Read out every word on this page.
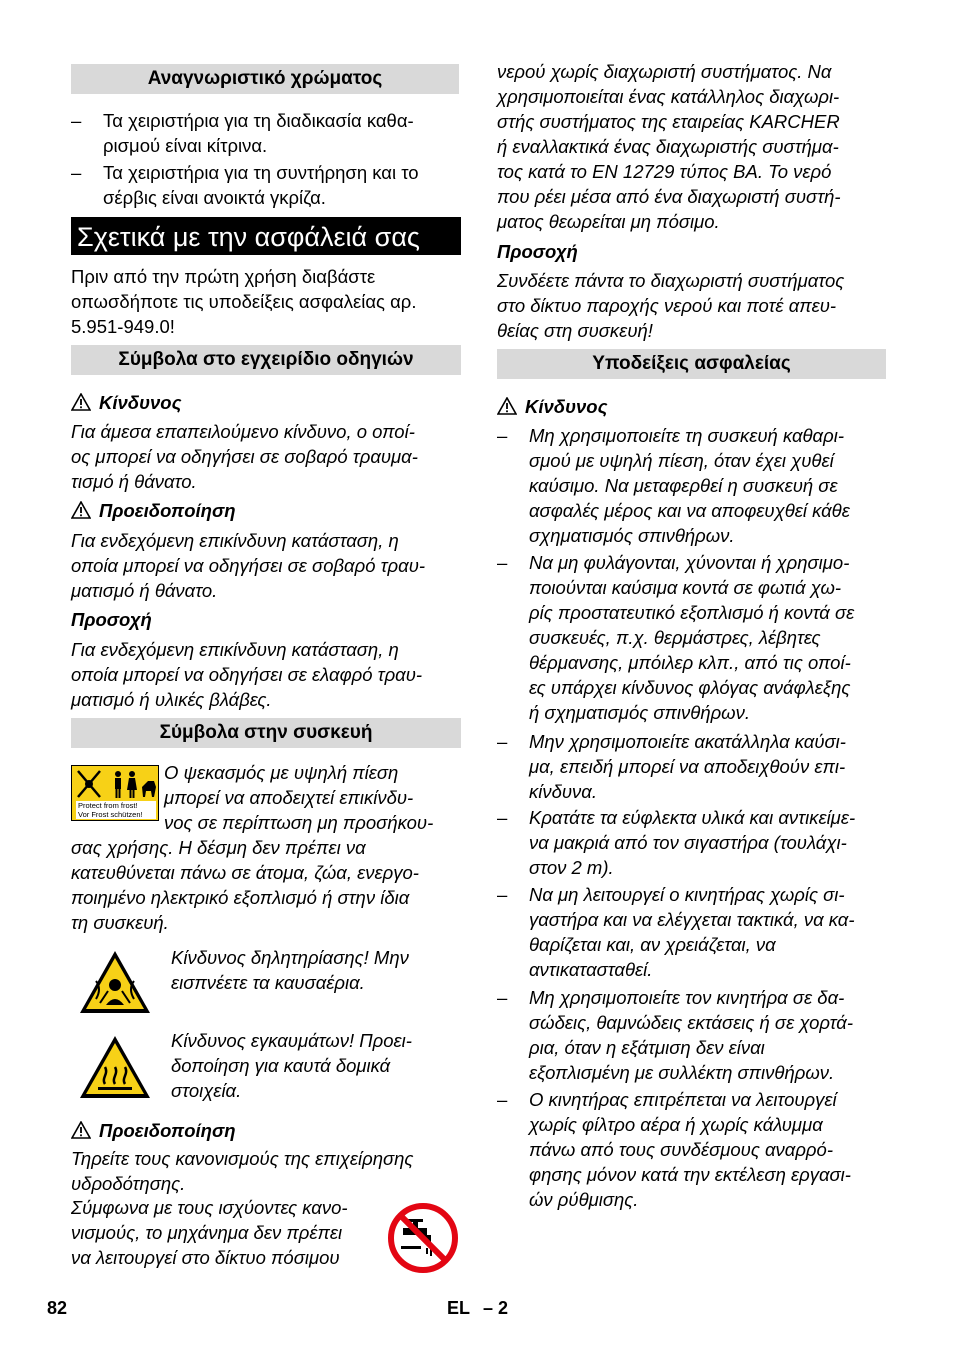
Αναγνωριστικό χρώματος
– Τα χειριστήρια για τη διαδικασία καθα-
ρισμού είναι κίτρινα.
– Τα χειριστήρια για τη συντήρηση και το
σέρβις είναι ανοικτά γκρίζα.
Σχετικά με την ασφάλειά σας
Πριν από την πρώτη χρήση διαβάστε
οπωσδήποτε τις υποδείξεις ασφαλείας αρ.
5.951-949.0!
Σύμβολα στο εγχειρίδιο οδηγιών
Κίνδυνος
Για άμεσα επαπειλούμενο κίνδυνο, ο οποί-
ος μπορεί να οδηγήσει σε σοβαρό τραυμα-
τισμό ή θάνατο.
Προειδοποίηση
Για ενδεχόμενη επικίνδυνη κατάσταση, η
οποία μπορεί να οδηγήσει σε σοβαρό τραυ-
ματισμό ή θάνατο.
Προσοχή
Για ενδεχόμενη επικίνδυνη κατάσταση, η
οποία μπορεί να οδηγήσει σε ελαφρό τραυ-
ματισμό ή υλικές βλάβες.
Σύμβολα στην συσκευή
Protect from frost!
Vor Frost schützen!
Ο ψεκασμός με υψηλή πίεση
μπορεί να αποδειχτεί επικίνδυ-
νος σε περίπτωση μη προσήκου-
σας χρήσης. Η δέσμη δεν πρέπει να
κατευθύνεται πάνω σε άτομα, ζώα, ενεργο-
ποιημένο ηλεκτρικό εξοπλισμό ή στην ίδια
τη συσκευή.
Κίνδυνος δηλητηρίασης! Μην
εισπνέετε τα καυσαέρια.
Κίνδυνος εγκαυμάτων! Προει-
δοποίηση για καυτά δομικά
στοιχεία.
Προειδοποίηση
Τηρείτε τους κανονισμούς της επιχείρησης
υδροδότησης.
Σύμφωνα με τους ισχύοντες κανο-
νισμούς, το μηχάνημα δεν πρέπει
να λειτουργεί στο δίκτυο πόσιμου
νερού χωρίς διαχωριστή συστήματος. Να
χρησιμοποιείται ένας κατάλληλος διαχωρι-
στής συστήματος της εταιρείας KARCHER
ή εναλλακτικά ένας διαχωριστής συστήμα-
τος κατά το EN 12729 τύπος BA. Το νερό
που ρέει μέσα από ένα διαχωριστή συστή-
ματος θεωρείται μη πόσιμο.
Προσοχή
Συνδέετε πάντα το διαχωριστή συστήματος
στο δίκτυο παροχής νερού και ποτέ απευ-
θείας στη συσκευή!
Υποδείξεις ασφαλείας
Κίνδυνος
– Μη χρησιμοποιείτε τη συσκευή καθαρι-
σμού με υψηλή πίεση, όταν έχει χυθεί
καύσιμο. Να μεταφερθεί η συσκευή σε
ασφαλές μέρος και να αποφευχθεί κάθε
σχηματισμός σπινθήρων.
– Να μη φυλάγονται, χύνονται ή χρησιμο-
ποιούνται καύσιμα κοντά σε φωτιά χω-
ρίς προστατευτικό εξοπλισμό ή κοντά σε
συσκευές, π.χ. θερμάστρες, λέβητες
θέρμανσης, μπόιλερ κλπ., από τις οποί-
ες υπάρχει κίνδυνος φλόγας ανάφλεξης
ή σχηματισμός σπινθήρων.
– Μην χρησιμοποιείτε ακατάλληλα καύσι-
μα, επειδή μπορεί να αποδειχθούν επι-
κίνδυνα.
– Κρατάτε τα εύφλεκτα υλικά και αντικείμε-
να μακριά από τον σιγαστήρα (τουλάχι-
στον 2 m).
– Να μη λειτουργεί ο κινητήρας χωρίς σι-
γαστήρα και να ελέγχεται τακτικά, να κα-
θαρίζεται και, αν χρειάζεται, να
αντικατασταθεί.
– Μη χρησιμοποιείτε τον κινητήρα σε δα-
σώδεις, θαμνώδεις εκτάσεις ή σε χορτά-
ρια, όταν η εξάτμιση δεν είναι
εξοπλισμένη με συλλέκτη σπινθήρων.
– Ο κινητήρας επιτρέπεται να λειτουργεί
χωρίς φίλτρο αέρα ή χωρίς κάλυμμα
πάνω από τους συνδέσμους αναρρό-
φησης μόνον κατά την εκτέλεση εργασι-
ών ρύθμισης.
82	EL – 2
